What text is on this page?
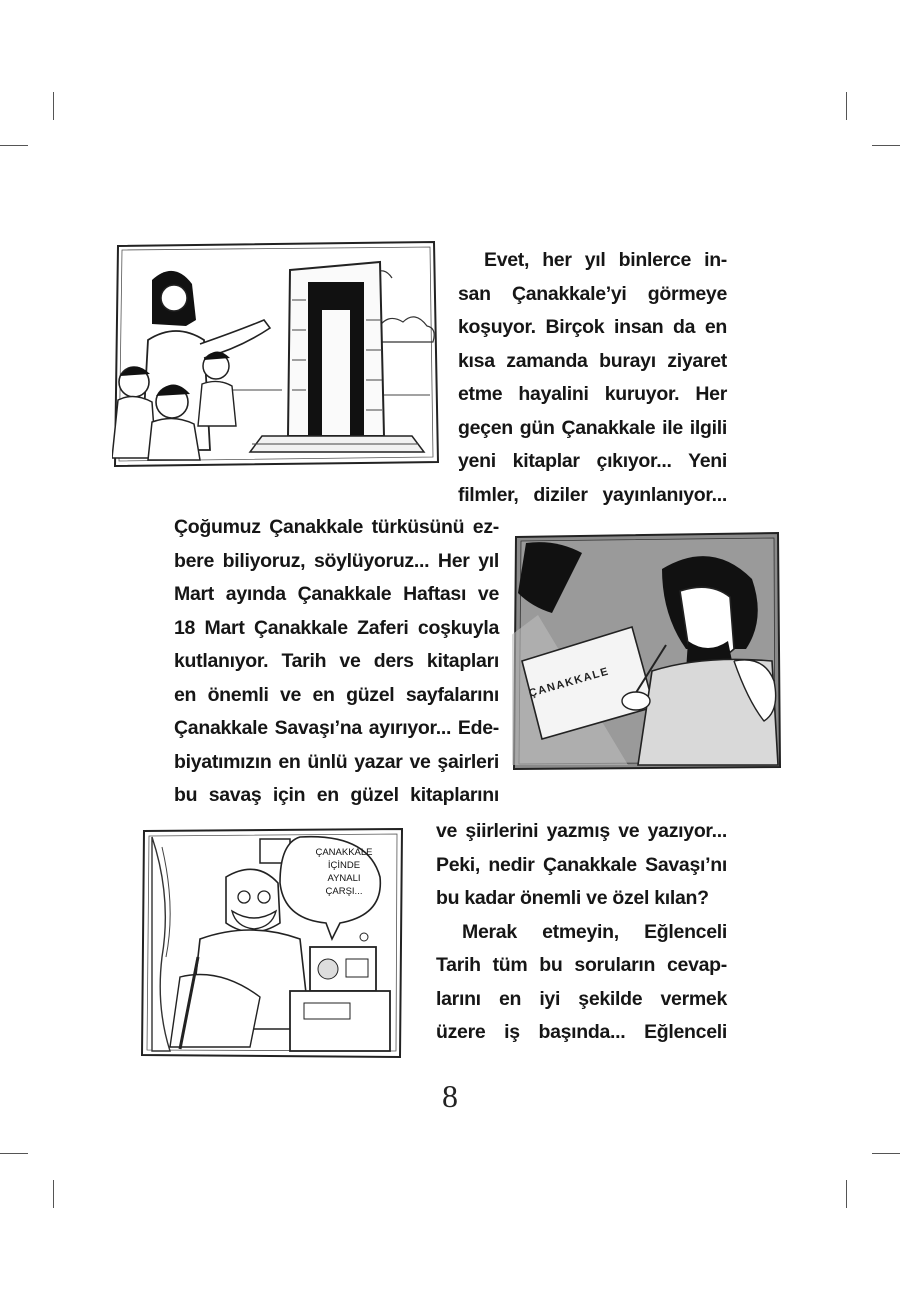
Evet, her yıl binlerce in-
san Çanakkale’yi görmeye
koşuyor. Birçok insan da en
kısa zamanda burayı ziyaret
etme hayalini kuruyor. Her
geçen gün Çanakkale ile ilgili
yeni kitaplar çıkıyor... Yeni
filmler, diziler yayınlanıyor...
Çoğumuz Çanakkale türküsünü ez-
bere biliyoruz, söylüyoruz... Her yıl
Mart ayında Çanakkale Haftası ve
18 Mart Çanakkale Zaferi coşkuyla
kutlanıyor. Tarih ve ders kitapları
en önemli ve en güzel sayfalarını
Çanakkale Savaşı’na ayırıyor... Ede-
biyatımızın en ünlü yazar ve şairleri
bu savaş için en güzel kitaplarını
ÇANAKKALE
ÇANAKKALE
İÇİNDE
AYNALI
ÇARŞI...
ve şiirlerini yazmış ve yazıyor...
Peki, nedir Çanakkale Savaşı’nı
bu kadar önemli ve özel kılan?
Merak etmeyin, Eğlenceli
Tarih tüm bu soruların cevap-
larını en iyi şekilde vermek
üzere iş başında... Eğlenceli
8
